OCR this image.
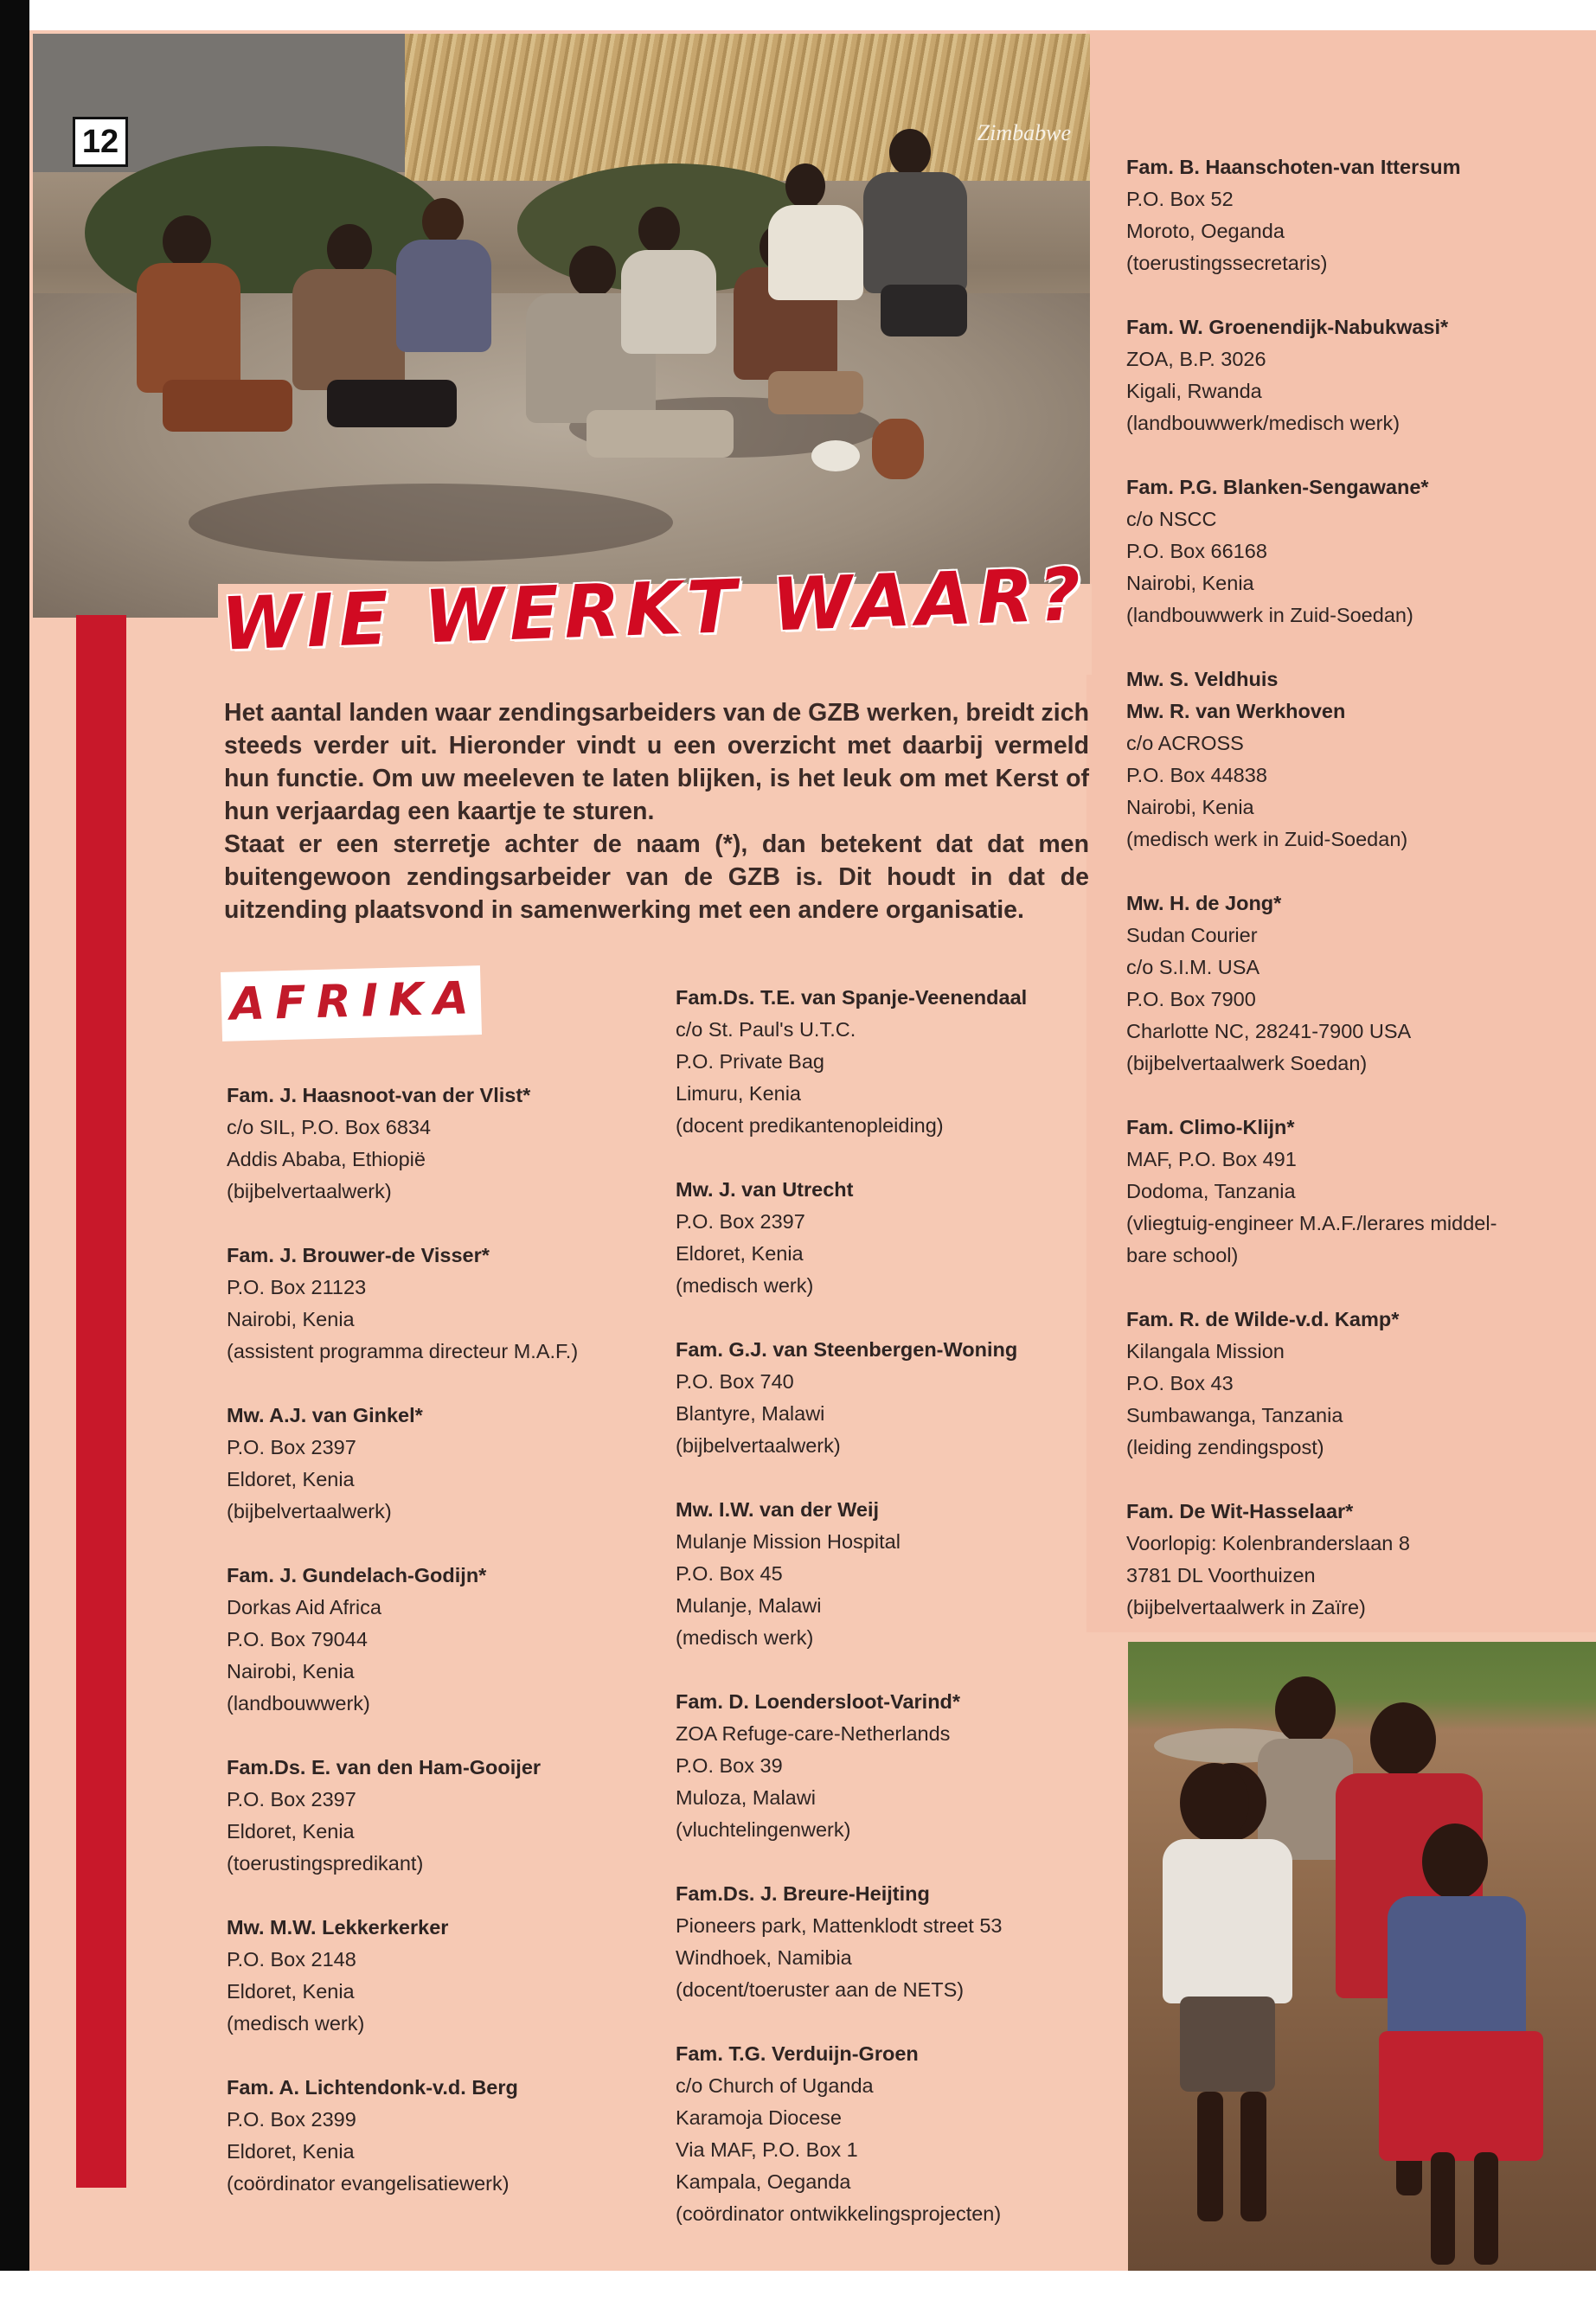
Zimbabwe
12
WIE WERKT WAAR?

Het aantal landen waar zendingsarbeiders van de GZB werken, breidt zich steeds verder uit. Hieronder vindt u een overzicht met daarbij vermeld hun functie. Om uw meeleven te laten blijken, is het leuk om met Kerst of hun verjaardag een kaartje te sturen.

Staat er een sterretje achter de naam (*), dan betekent dat dat men buitengewoon zendingsarbeider van de GZB is. Dit houdt in dat de uitzending plaatsvond in samenwerking met een andere organisatie.

AFRIKA
Fam. J. Haasnoot-van der Vlist*
c/o SIL, P.O. Box 6834
Addis Ababa, Ethiopië
(bijbelvertaalwerk)
Fam. J. Brouwer-de Visser*
P.O. Box 21123
Nairobi, Kenia
(assistent programma directeur M.A.F.)
Mw. A.J. van Ginkel*
P.O. Box 2397
Eldoret, Kenia
(bijbelvertaalwerk)
Fam. J. Gundelach-Godijn*
Dorkas Aid Africa
P.O. Box 79044
Nairobi, Kenia
(landbouwwerk)
Fam.Ds. E. van den Ham-Gooijer
P.O. Box 2397
Eldoret, Kenia
(toerustingspredikant)
Mw. M.W. Lekkerkerker
P.O. Box 2148
Eldoret, Kenia
(medisch werk)
Fam. A. Lichtendonk-v.d. Berg
P.O. Box 2399
Eldoret, Kenia
(coördinator evangelisatiewerk)
Fam.Ds. T.E. van Spanje-Veenendaal
c/o St. Paul's U.T.C.
P.O. Private Bag
Limuru, Kenia
(docent predikantenopleiding)
Mw. J. van Utrecht
P.O. Box 2397
Eldoret, Kenia
(medisch werk)
Fam. G.J. van Steenbergen-Woning
P.O. Box 740
Blantyre, Malawi
(bijbelvertaalwerk)
Mw. I.W. van der Weij
Mulanje Mission Hospital
P.O. Box 45
Mulanje, Malawi
(medisch werk)
Fam. D. Loendersloot-Varind*
ZOA Refuge-care-Netherlands
P.O. Box 39
Muloza, Malawi
(vluchtelingenwerk)
Fam.Ds. J. Breure-Heijting
Pioneers park, Mattenklodt street 53
Windhoek, Namibia
(docent/toeruster aan de NETS)
Fam. T.G. Verduijn-Groen
c/o Church of Uganda
Karamoja Diocese
Via MAF, P.O. Box 1
Kampala, Oeganda
(coördinator ontwikkelingsprojecten)
Fam. B. Haanschoten-van Ittersum
P.O. Box 52
Moroto, Oeganda
(toerustingssecretaris)
Fam. W. Groenendijk-Nabukwasi*
ZOA, B.P. 3026
Kigali, Rwanda
(landbouwwerk/medisch werk)
Fam. P.G. Blanken-Sengawane*
c/o NSCC
P.O. Box 66168
Nairobi, Kenia
(landbouwwerk in Zuid-Soedan)
Mw. S. Veldhuis
Mw. R. van Werkhoven
c/o ACROSS
P.O. Box 44838
Nairobi, Kenia
(medisch werk in Zuid-Soedan)
Mw. H. de Jong*
Sudan Courier
c/o S.I.M. USA
P.O. Box 7900
Charlotte NC, 28241-7900 USA
(bijbelvertaalwerk Soedan)
Fam. Climo-Klijn*
MAF, P.O. Box 491
Dodoma, Tanzania
(vliegtuig-engineer M.A.F./lerares middel-
bare school)
Fam. R. de Wilde-v.d. Kamp*
Kilangala Mission
P.O. Box 43
Sumbawanga, Tanzania
(leiding zendingspost)
Fam. De Wit-Hasselaar*
Voorlopig: Kolenbranderslaan 8
3781 DL Voorthuizen
(bijbelvertaalwerk in Zaïre)
